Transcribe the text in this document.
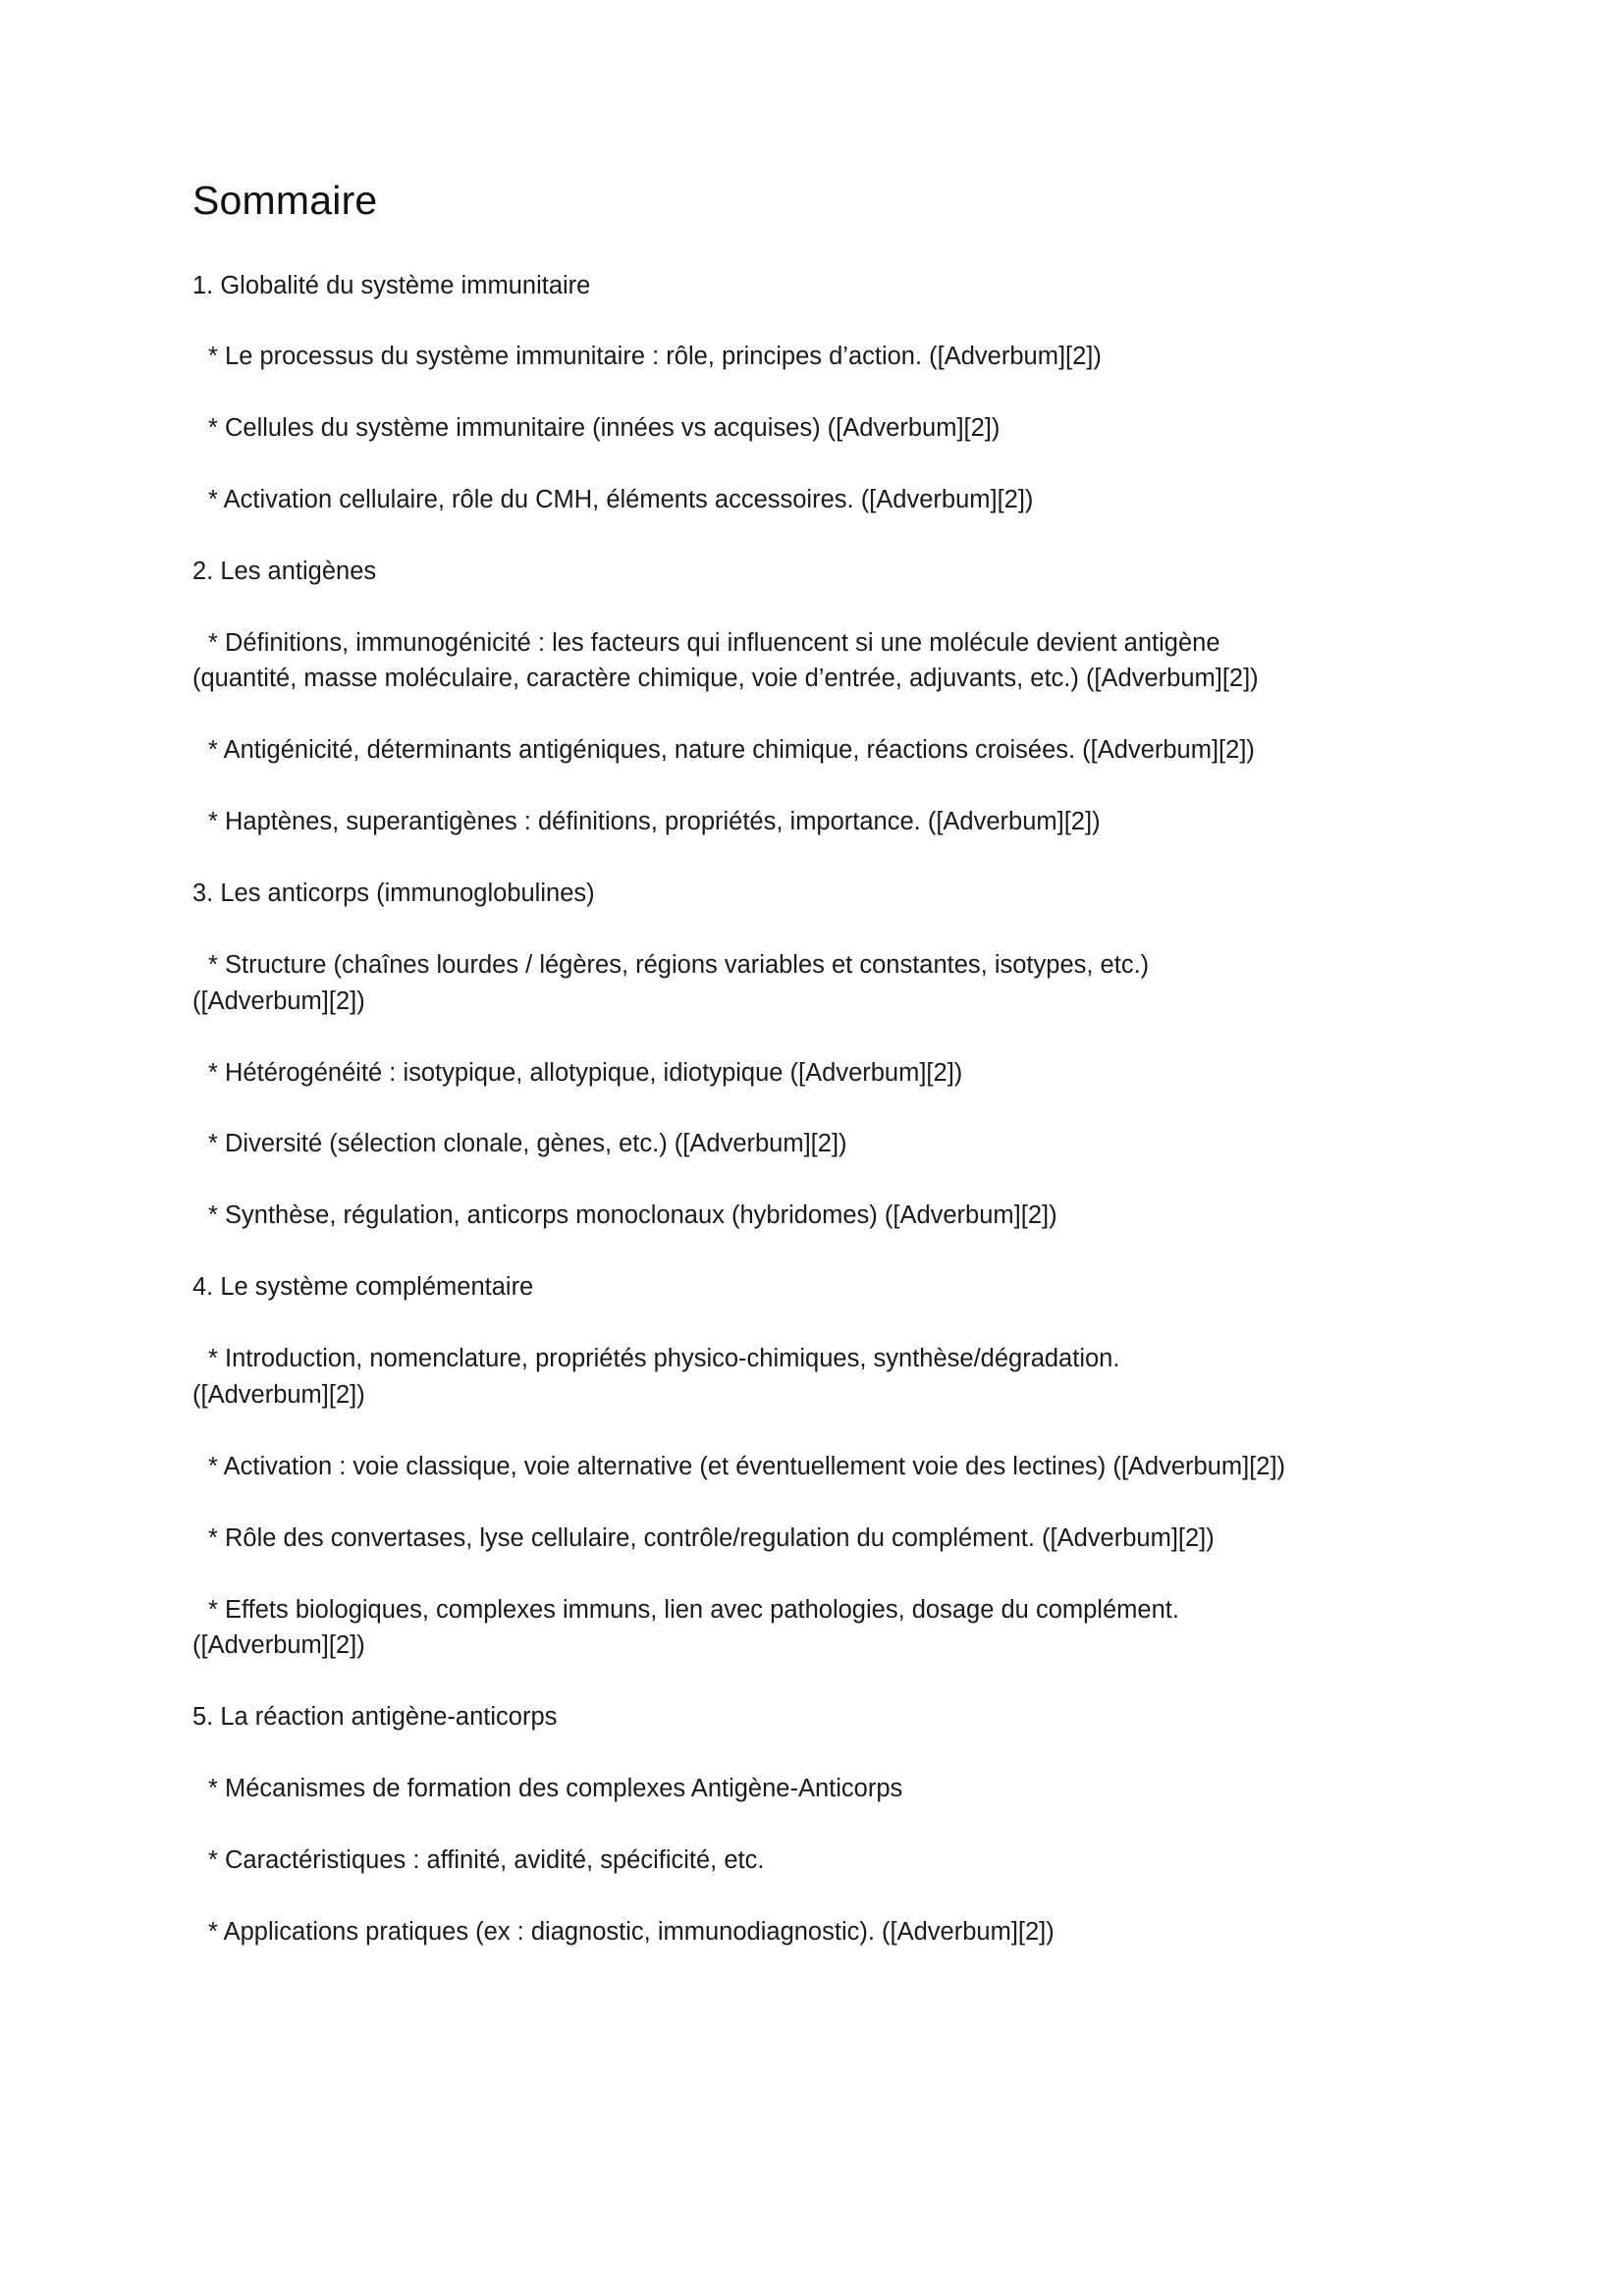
Sommaire
1. Globalité du système immunitaire
* Le processus du système immunitaire : rôle, principes d’action. ([Adverbum][2])
* Cellules du système immunitaire (innées vs acquises) ([Adverbum][2])
* Activation cellulaire, rôle du CMH, éléments accessoires. ([Adverbum][2])
2. Les antigènes
* Définitions, immunogénicité : les facteurs qui influencent si une molécule devient antigène
(quantité, masse moléculaire, caractère chimique, voie d’entrée, adjuvants, etc.) ([Adverbum][2])
* Antigénicité, déterminants antigéniques, nature chimique, réactions croisées. ([Adverbum][2])
* Haptènes, superantigènes : définitions, propriétés, importance. ([Adverbum][2])
3. Les anticorps (immunoglobulines)
* Structure (chaînes lourdes / légères, régions variables et constantes, isotypes, etc.)
([Adverbum][2])
* Hétérogénéité : isotypique, allotypique, idiotypique ([Adverbum][2])
* Diversité (sélection clonale, gènes, etc.) ([Adverbum][2])
* Synthèse, régulation, anticorps monoclonaux (hybridomes) ([Adverbum][2])
4. Le système complémentaire
* Introduction, nomenclature, propriétés physico-chimiques, synthèse/dégradation.
([Adverbum][2])
* Activation : voie classique, voie alternative (et éventuellement voie des lectines) ([Adverbum][2])
* Rôle des convertases, lyse cellulaire, contrôle/regulation du complément. ([Adverbum][2])
* Effets biologiques, complexes immuns, lien avec pathologies, dosage du complément.
([Adverbum][2])
5. La réaction antigène-anticorps
* Mécanismes de formation des complexes Antigène-Anticorps
* Caractéristiques : affinité, avidité, spécificité, etc.
* Applications pratiques (ex : diagnostic, immunodiagnostic). ([Adverbum][2])
